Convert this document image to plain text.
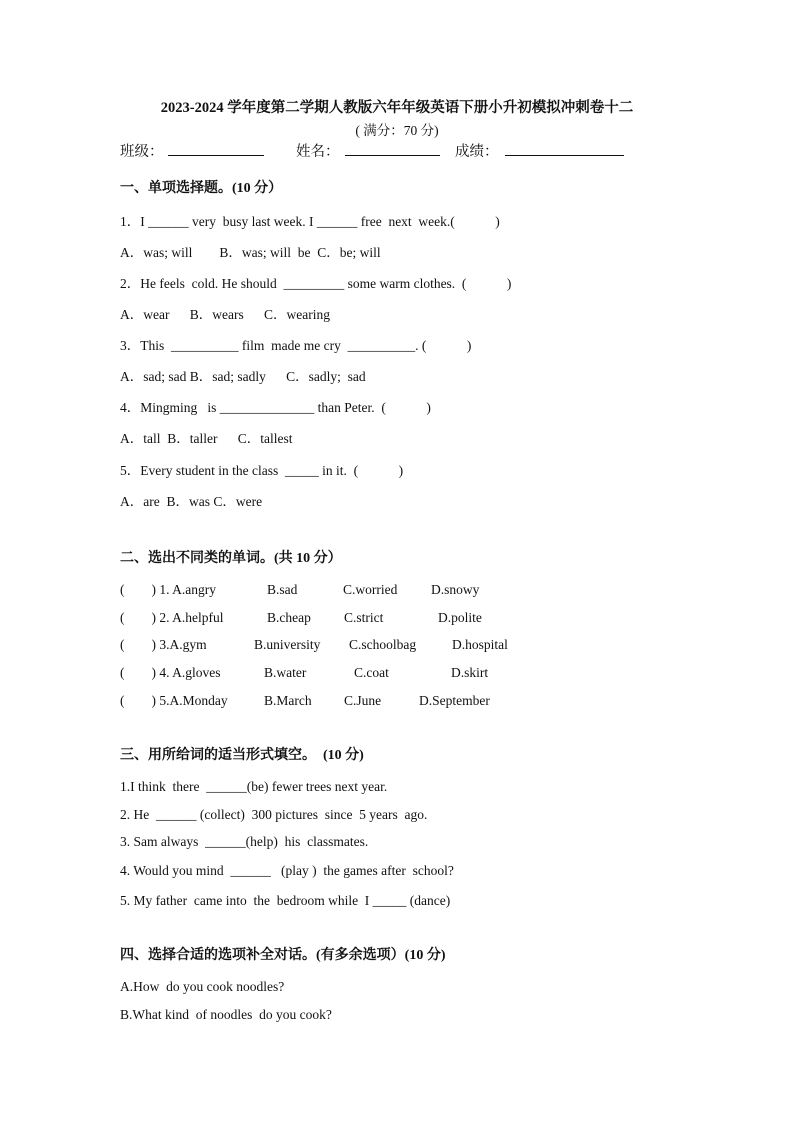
2023-2024 学年度第二学期人教版六年年级英语下册小升初模拟冲刺卷十二
( 满分：70 分)
班级：	姓名：	成绩：
一、单项选择题。(10 分）
1．I ______ very  busy last week. I ______ free  next  week.(            )
A．was; will        B．was; will  be  C．be; will
2．He feels  cold. He should  _________ some warm clothes.  (            )
A．wear      B．wears      C．wearing
3．This  __________ film  made me cry  __________. (            )
A．sad; sad B．sad; sadly      C．sadly;  sad
4．Mingming   is ______________ than Peter.  (            )
A．tall  B．taller      C．tallest
5．Every student in the class  _____ in it.  (            )
A．are  B．was C．were
二、选出不同类的单词。(共 10 分）
(        ) 1. A.angry	B.sad	C.worried D.snowy
(        ) 2. A.helpful	B.cheap C.strict	D.polite
(        ) 3.A.gym	B.university C.schoolbag	D.hospital
(        ) 4. A.gloves	B.water	C.coat	D.skirt
(        ) 5.A.Monday	B.March C.June	D.September
三、用所给词的适当形式填空。  (10 分)
1.I think  there  ______(be) fewer trees next year.
2. He  ______ (collect)  300 pictures  since  5 years  ago.
3. Sam always  ______(help)  his  classmates.
4. Would you mind  ______   (play )  the games after  school?
5. My father  came into  the  bedroom while  I _____ (dance)
四、选择合适的选项补全对话。(有多余选项）(10 分)
A.How  do you cook noodles?
B.What kind  of noodles  do you cook?
